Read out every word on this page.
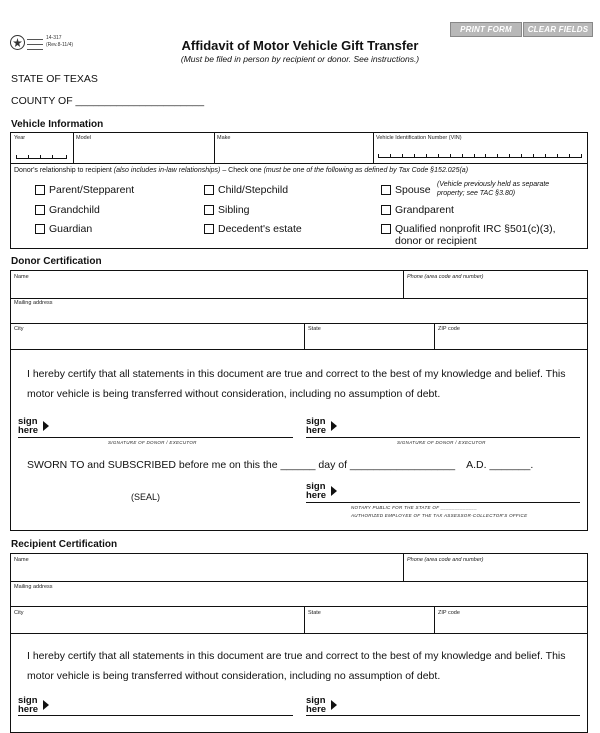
14-317
(Rev.8-11/4)	Affidavit of Motor Vehicle Gift Transfer
(Must be filed in person by recipient or donor. See instructions.)
PRINT FORM	CLEAR FIELDS
STATE OF TEXAS
COUNTY OF ______________________
Vehicle Information
Year	Model	Make	Vehicle Identification Number (VIN)
Donor's relationship to recipient (also includes in-law relationships) – Check one (must be one of the following as defined by Tax Code §152.025(a)
Parent/Stepparent	Child/Stepchild	Spouse (Vehicle previously held as separate property; see TAC §3.80)
Grandchild	Sibling	Grandparent
Guardian	Decedent's estate	Qualified nonprofit IRC §501(c)(3),
donor or recipient
Donor Certification
Name	Phone (area code and number)
Mailing address
City	State	ZIP code
I hereby certify that all statements in this document are true and correct to the best of my knowledge and belief. This
motor vehicle is being transferred without consideration, including no assumption of debt.
sign
here
SIGNATURE OF DONOR / EXECUTOR
sign
here
SIGNATURE OF DONOR / EXECUTOR
SWORN TO and SUBSCRIBED before me on this the ______ day of __________________    A.D. _______.
(SEAL)
sign
here
NOTARY PUBLIC FOR THE STATE OF _____________
AUTHORIZED EMPLOYEE OF THE TAX ASSESSOR-COLLECTOR'S OFFICE
Recipient Certification
Name	Phone (area code and number)
Mailing address
City	State	ZIP code
I hereby certify that all statements in this document are true and correct to the best of my knowledge and belief. This
motor vehicle is being transferred without consideration, including no assumption of debt.
sign
here
sign
here
